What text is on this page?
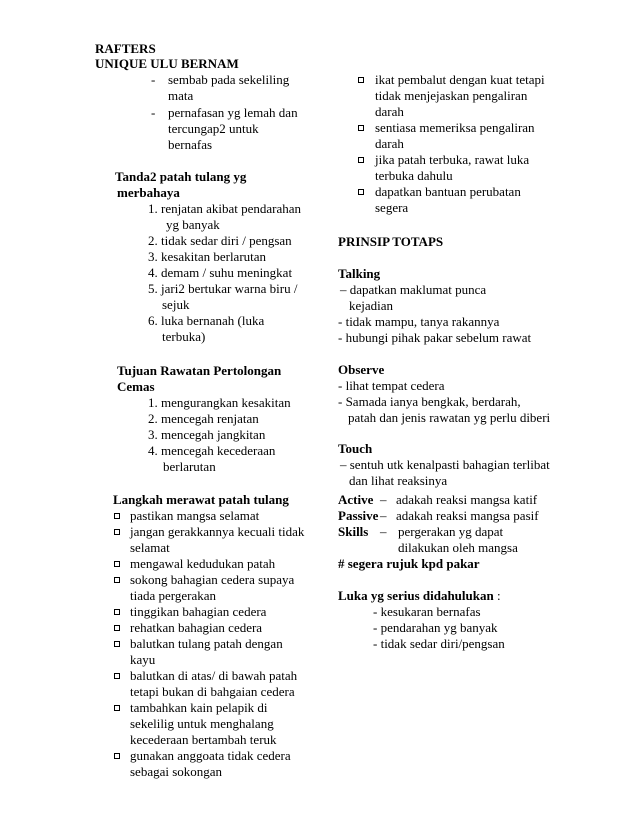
RAFTERS
UNIQUE ULU BERNAM
- sembab pada sekeliling
mata
- pernafasan yg lemah dan
tercungap2 untuk
bernafas
Tanda2 patah tulang yg
merbahaya
1. renjatan akibat pendarahan
yg banyak
2. tidak sedar diri / pengsan
3. kesakitan berlarutan
4. demam / suhu meningkat
5. jari2 bertukar warna biru /
sejuk
6. luka bernanah (luka
terbuka)
Tujuan Rawatan Pertolongan
Cemas
1. mengurangkan kesakitan
2. mencegah renjatan
3. mencegah jangkitan
4. mencegah kecederaan
berlarutan
Langkah merawat patah tulang
pastikan mangsa selamat
jangan gerakkannya kecuali tidak
selamat
mengawal kedudukan patah
sokong bahagian cedera supaya
tiada pergerakan
tinggikan bahagian cedera
rehatkan bahagian cedera
balutkan tulang patah dengan
kayu
balutkan di atas/ di bawah patah
tetapi bukan di bahgaian cedera
tambahkan kain pelapik di
sekelilig untuk menghalang
kecederaan bertambah teruk
gunakan anggoata tidak cedera
sebagai sokongan
ikat pembalut dengan kuat tetapi
tidak menjejaskan pengaliran
darah
sentiasa memeriksa pengaliran
darah
jika patah terbuka, rawat luka
terbuka dahulu
dapatkan bantuan perubatan
segera
PRINSIP TOTAPS
Talking
– dapatkan maklumat punca
kejadian
- tidak mampu, tanya rakannya
- hubungi pihak pakar sebelum rawat
Observe
- lihat tempat cedera
- Samada ianya bengkak, berdarah,
patah dan jenis rawatan yg perlu diberi
Touch
– sentuh utk kenalpasti bahagian terlibat
dan lihat reaksinya
Active – adakah reaksi mangsa katif
Passive – adakah reaksi mangsa pasif
Skills – pergerakan yg dapat
dilakukan oleh mangsa
# segera rujuk kpd pakar
Luka yg serius didahulukan :
- kesukaran bernafas
- pendarahan yg banyak
- tidak sedar diri/pengsan
